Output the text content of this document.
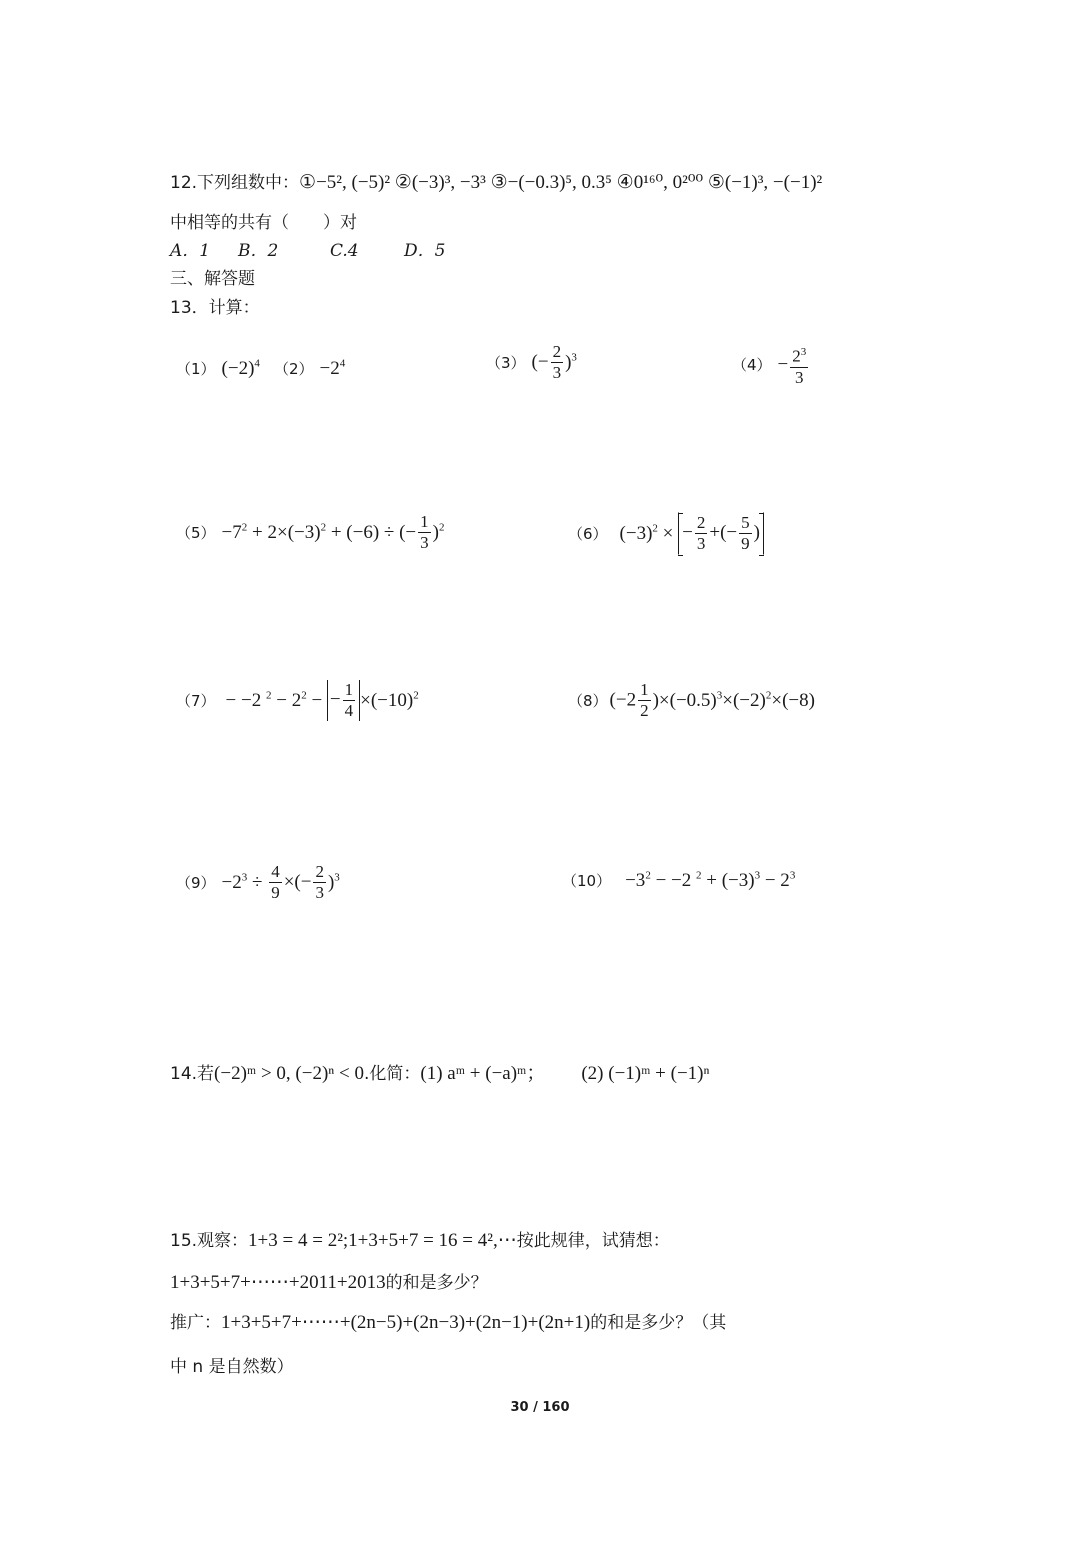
12.下列组数中：①−5², (−5)² ②(−3)³, −3³ ③−(−0.3)⁵, 0.3⁵ ④0¹⁶⁰, 0²⁰⁰ ⑤(−1)³, −(−1)²
中相等的共有（　　）对
A．1 B．2	C.4	D．5
三、解答题
13．计算：
（1） $(-2)^4$ $(2) -2^4$	（3） (− $\frac{2}{3} )^3$	$(4) - \frac{2^3}{3}$
$(5) -7^2 + 2\times(-3)^2 + (-6)$ ÷ (− $\frac{1}{3} )^2$	（6） $(-3)^2$ × − $\frac{2}{3}$ +(− $\frac{5}{9}$ )
（7） − −2 $^2 - 2^2$ − − $\frac{1}{4} \times(-10)^2$	（8） $(-2 \frac{1}{2} )\times(-0.5)^3\times(-2)^2\times(-8)$
$(9) -2^3 \div \frac{4}{9}$ ×(− $\frac{2}{3} )^3$	$(10) -3^2 - -2$ $^2 + (-3)^3 - 2^3$
14.若(−2)ᵐ > 0, (−2)ⁿ < 0.化简：(1) aᵐ + (−a)ᵐ； (2) (−1)ᵐ + (−1)ⁿ
15.观察：1+3 = 4 = 2²;1+3+5+7 = 16 = 4²,⋯按此规律，试猜想：
1+3+5+7+⋯⋯+2011+2013的和是多少？
推广：1+3+5+7+⋯⋯+(2n−5)+(2n−3)+(2n−1)+(2n+1)的和是多少？（其
中 n 是自然数）
30 / 160
